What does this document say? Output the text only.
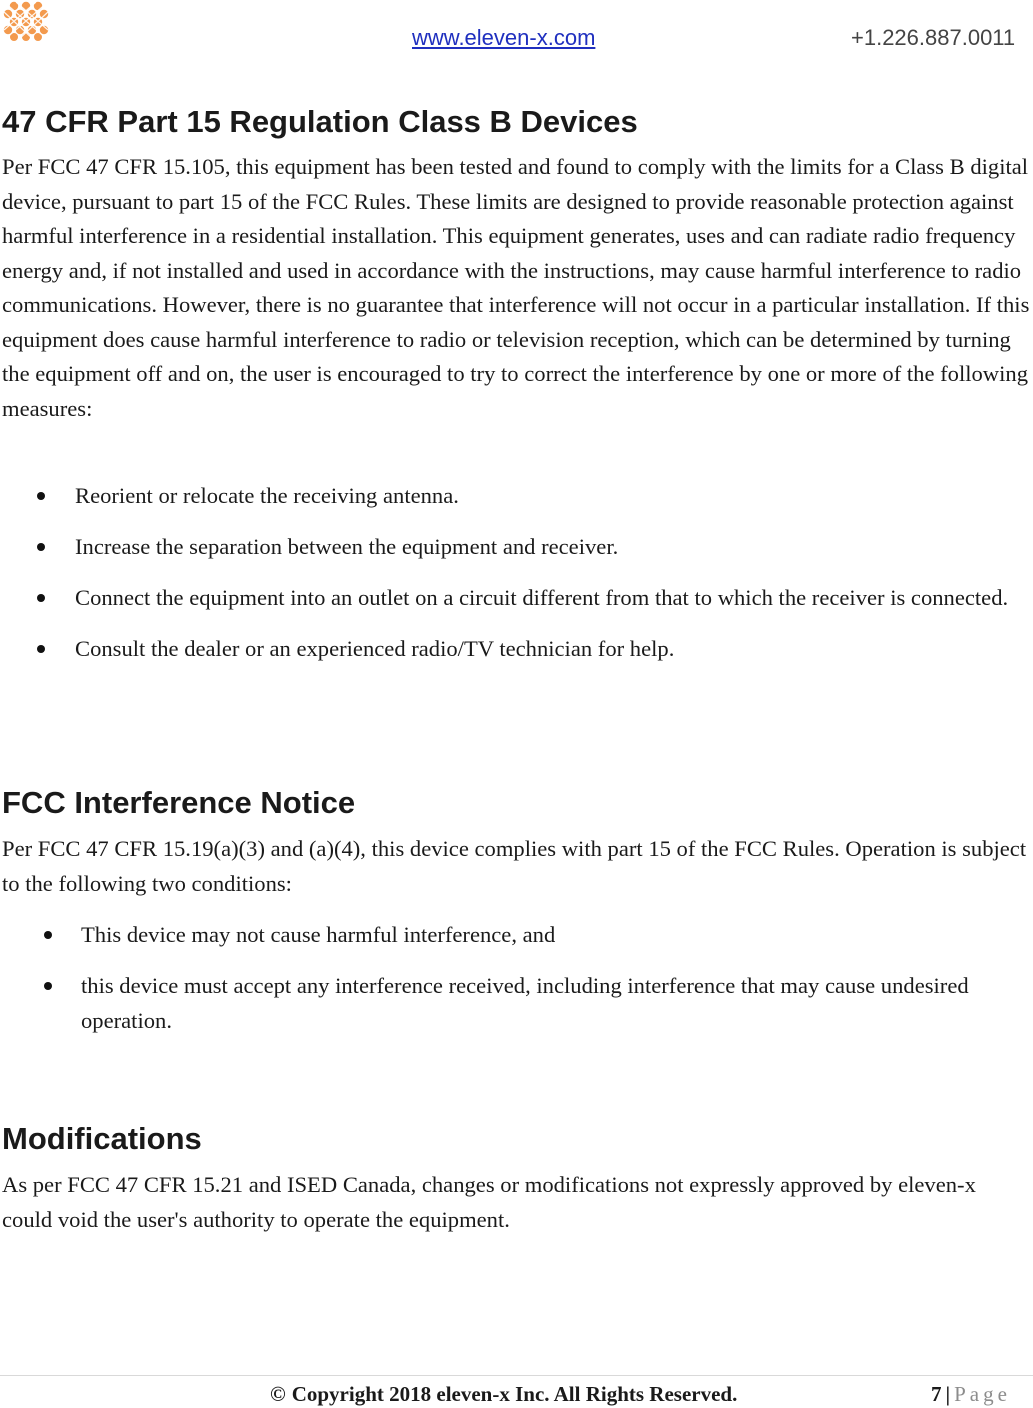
www.eleven-x.com	+1.226.887.0011
47 CFR Part 15 Regulation Class B Devices

Per FCC 47 CFR 15.105, this equipment has been tested and found to comply with the limits for a Class B digital device, pursuant to part 15 of the FCC Rules. These limits are designed to provide reasonable protection against harmful interference in a residential installation. This equipment generates, uses and can radiate radio frequency energy and, if not installed and used in accordance with the instructions, may cause harmful interference to radio communications. However, there is no guarantee that interference will not occur in a particular installation. If this equipment does cause harmful interference to radio or television reception, which can be determined by turning the equipment off and on, the user is encouraged to try to correct the interference by one or more of the following measures:

Reorient or relocate the receiving antenna.
Increase the separation between the equipment and receiver.
Connect the equipment into an outlet on a circuit different from that to which the receiver is connected.
Consult the dealer or an experienced radio/TV technician for help.
FCC Interference Notice

Per FCC 47 CFR 15.19(a)(3) and (a)(4), this device complies with part 15 of the FCC Rules. Operation is subject to the following two conditions:

This device may not cause harmful interference, and
this device must accept any interference received, including interference that may cause undesired operation.
Modifications

As per FCC 47 CFR 15.21 and ISED Canada, changes or modifications not expressly approved by eleven-x could void the user's authority to operate the equipment.

© Copyright 2018 eleven-x Inc. All Rights Reserved.	7 | Page
